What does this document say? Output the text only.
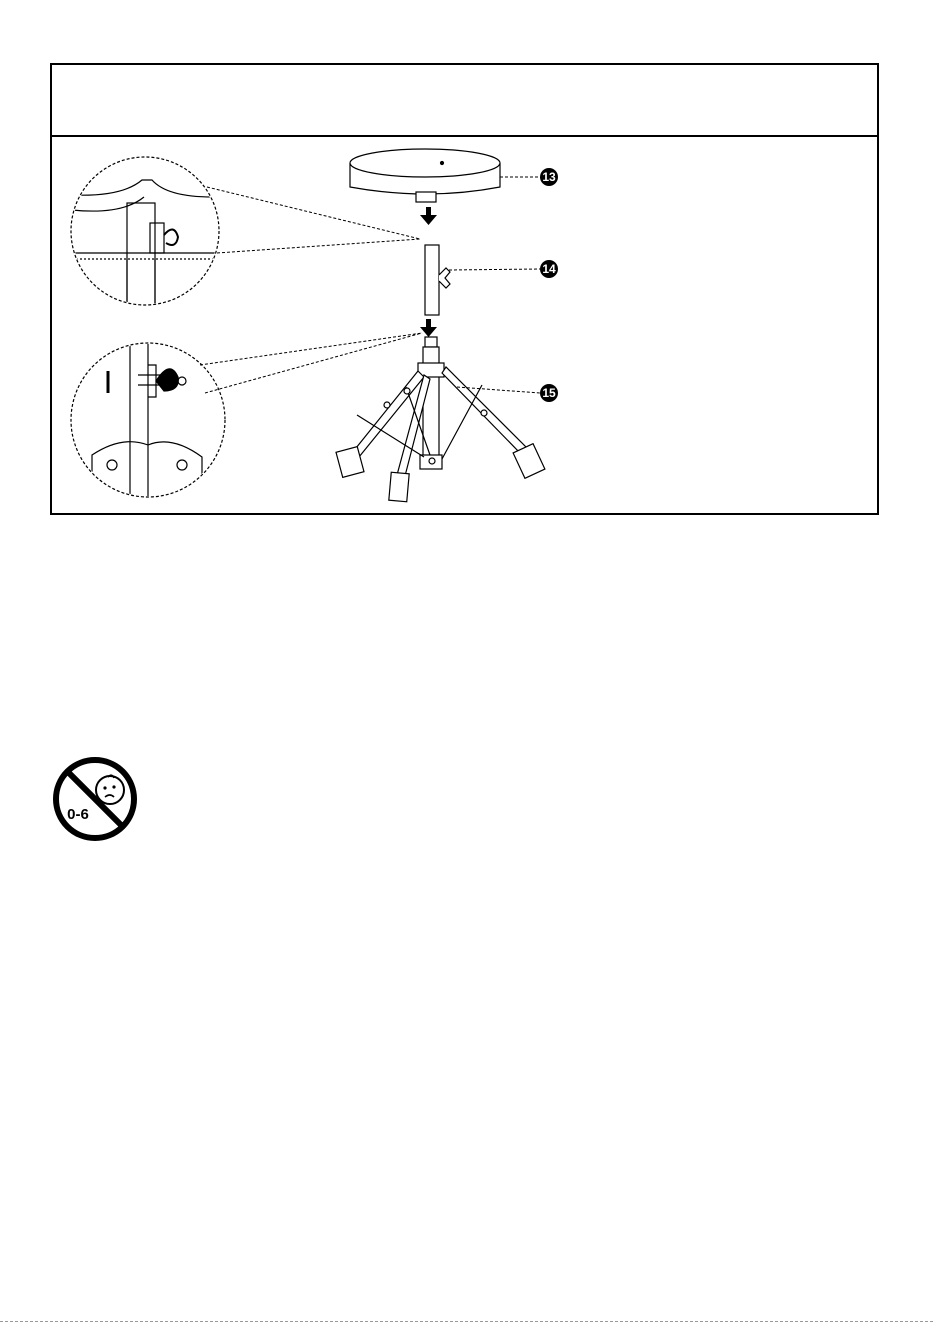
13
14
15
0-6
